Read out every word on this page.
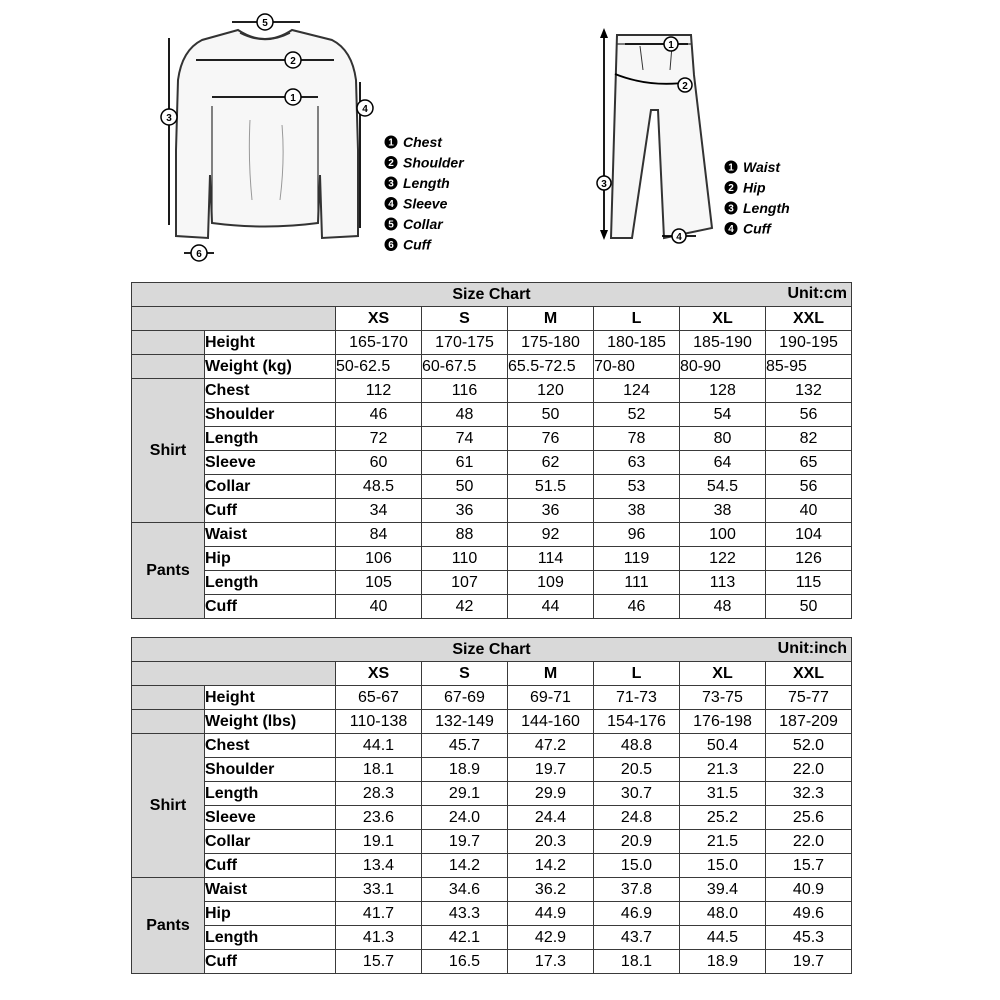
5
2
1
3
4
6
1 Chest
2 Shoulder
3 Length
4 Sleeve
5 Collar
6 Cuff
1
2
3
4
1 Waist
2 Hip
3 Length
4 Cuff
Size Chart Unit:cm							

		XS	S	M	L	XL	XXL
	Height	165-170	170-175	175-180	180-185	185-190	190-195
	Weight (kg)	50-62.5	60-67.5	65.5-72.5	70-80	80-90	85-95
Shirt	Chest	112	116	120	124	128	132
	Shoulder	46	48	50	52	54	56
	Length	72	74	76	78	80	82
	Sleeve	60	61	62	63	64	65
	Collar	48.5	50	51.5	53	54.5	56
	Cuff	34	36	36	38	38	40
Pants	Waist	84	88	92	96	100	104
	Hip	106	110	114	119	122	126
	Length	105	107	109	111	113	115
	Cuff	40	42	44	46	48	50
Size Chart Unit:inch							

		XS	S	M	L	XL	XXL
	Height	65-67	67-69	69-71	71-73	73-75	75-77
	Weight (lbs)	110-138	132-149	144-160	154-176	176-198	187-209
Shirt	Chest	44.1	45.7	47.2	48.8	50.4	52.0
	Shoulder	18.1	18.9	19.7	20.5	21.3	22.0
	Length	28.3	29.1	29.9	30.7	31.5	32.3
	Sleeve	23.6	24.0	24.4	24.8	25.2	25.6
	Collar	19.1	19.7	20.3	20.9	21.5	22.0
	Cuff	13.4	14.2	14.2	15.0	15.0	15.7
Pants	Waist	33.1	34.6	36.2	37.8	39.4	40.9
	Hip	41.7	43.3	44.9	46.9	48.0	49.6
	Length	41.3	42.1	42.9	43.7	44.5	45.3
	Cuff	15.7	16.5	17.3	18.1	18.9	19.7
